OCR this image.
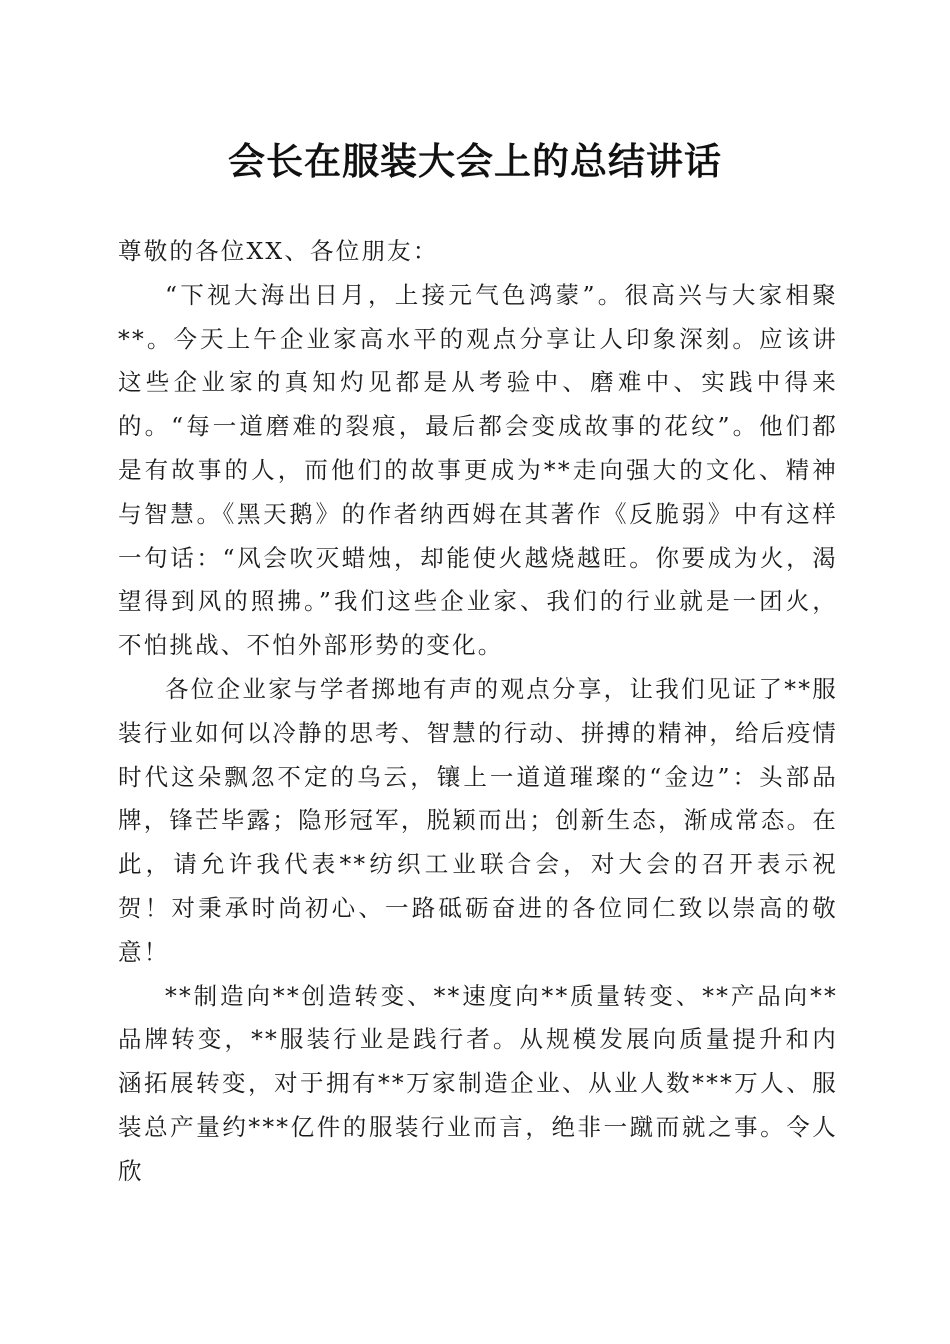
会长在服装大会上的总结讲话

尊敬的各位XX、各位朋友：

“下视大海出日月，上接元气色鸿蒙”。很高兴与大家相聚**。今天上午企业家高水平的观点分享让人印象深刻。应该讲这些企业家的真知灼见都是从考验中、磨难中、实践中得来的。“每一道磨难的裂痕，最后都会变成故事的花纹”。他们都是有故事的人，而他们的故事更成为**走向强大的文化、精神与智慧。《黑天鹅》的作者纳西姆在其著作《反脆弱》中有这样一句话：“风会吹灭蜡烛，却能使火越烧越旺。你要成为火，渴望得到风的照拂。”我们这些企业家、我们的行业就是一团火，不怕挑战、不怕外部形势的变化。

各位企业家与学者掷地有声的观点分享，让我们见证了**服装行业如何以冷静的思考、智慧的行动、拼搏的精神，给后疫情时代这朵飘忽不定的乌云，镶上一道道璀璨的“金边”：头部品牌，锋芒毕露；隐形冠军，脱颖而出；创新生态，渐成常态。在此，请允许我代表**纺织工业联合会，对大会的召开表示祝贺！对秉承时尚初心、一路砥砺奋进的各位同仁致以崇高的敬意！

**制造向**创造转变、**速度向**质量转变、**产品向**品牌转变，**服装行业是践行者。从规模发展向质量提升和内涵拓展转变，对于拥有**万家制造企业、从业人数***万人、服装总产量约***亿件的服装行业而言，绝非一蹴而就之事。令人欣
